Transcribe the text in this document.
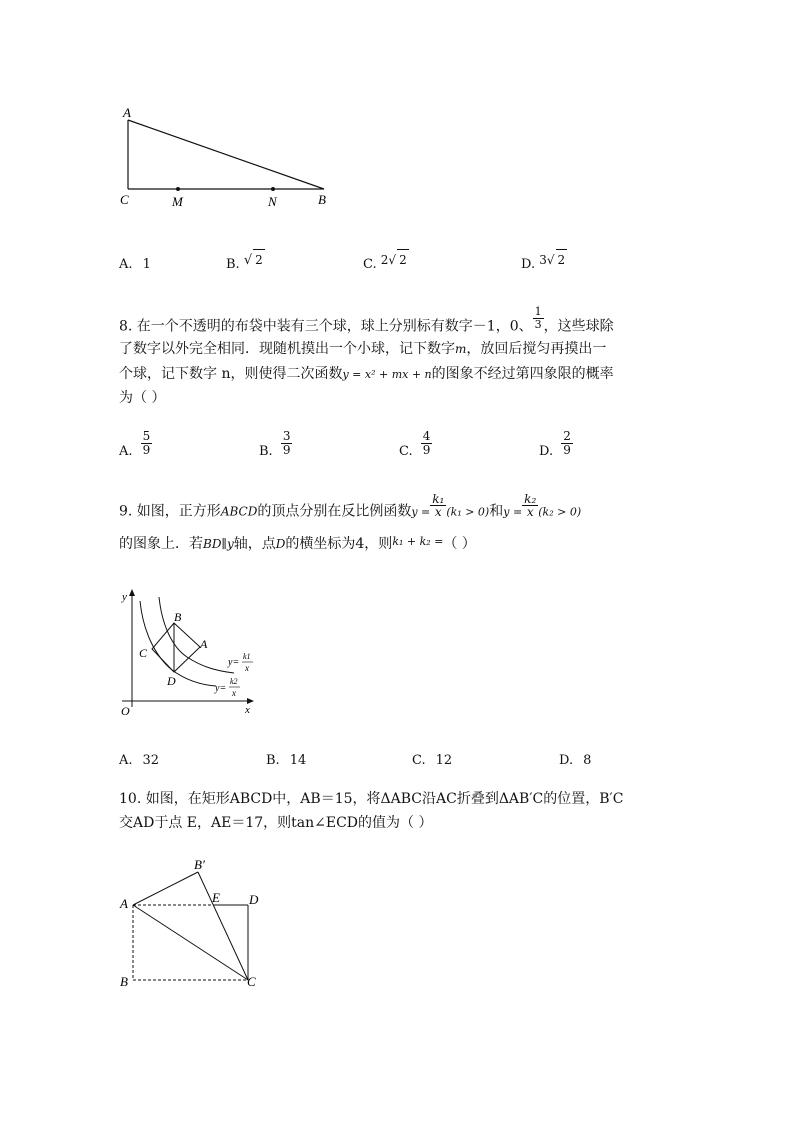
A
C	M	N	B
A. 1	B. √ 2	C. 2√ 2	D. 3√ 2
8. 在一个不透明的布袋中装有三个球，球上分别标有数字－1，0、 $\frac{1}{3}$ ，这些球除
了数字以外完全相同．现随机摸出一个小球，记下数字m，放回后搅匀再摸出一
个球，记下数字 n，则使得二次函数y = x² + mx + n的图象不经过第四象限的概率
为（ ）
A. $\frac{5}{9}$	B. $\frac{3}{9}$	C. $\frac{4}{9}$	D. $\frac{2}{9}$
9. 如图，正方形ABCD的顶点分别在反比例函数$y = \frac{\text{k₁}}{x} (k_1 > 0)$和$y = \frac{\text{k₂}}{x} (k_2 > 0)$
的图象上．若BD∥y轴，点D的横坐标为4，则$^{k_1 + k_2 =}$（ ）
y
x
O
B
A
C
D
y=
k1
x
y=
k2
x
A. 32	B. 14	C. 12	D. 8
10. 如图，在矩形ABCD中，AB＝15，将ΔABC沿AC折叠到ΔAB′C的位置，B′C
交AD于点 E，AE＝17，则tan∠ECD的值为（ ）
A
B′
E D
B	C
